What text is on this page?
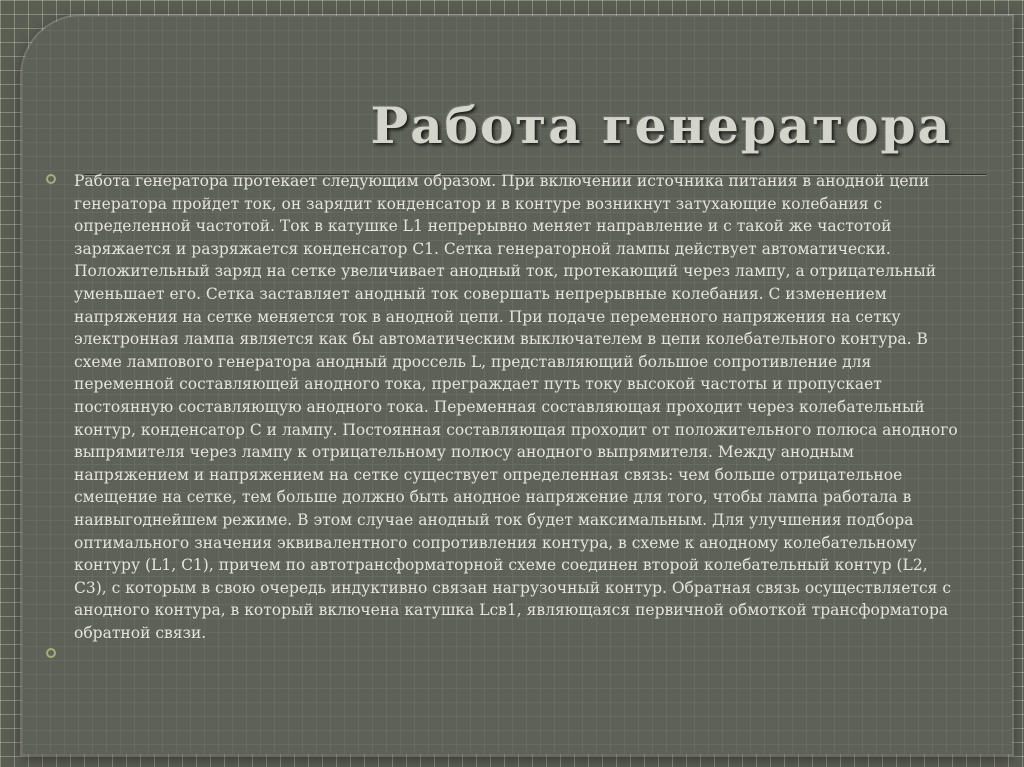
Работа генератора
Работа генератора протекает следующим образом. При включении источника питания в анодной цепи генератора пройдет ток, он зарядит конденсатор и в контуре возникнут затухающие колебания с определенной частотой. Ток в катушке L1 непрерывно меняет направление и с такой же частотой заряжается и разряжается конденсатор C1. Сетка генераторной лампы действует автоматически. Положительный заряд на сетке увеличивает анодный ток, протекающий через лампу, а отрицательный уменьшает его. Сетка заставляет анодный ток совершать непрерывные колебания. С изменением напряжения на сетке меняется ток в анодной цепи. При подаче переменного напряжения на сетку электронная лампа является как бы автоматическим выключателем в цепи колебательного контура. В схеме лампового генератора анодный дроссель L, представляющий большое сопротивление для переменной составляющей анодного тока, преграждает путь току высокой частоты и пропускает постоянную составляющую анодного тока. Переменная составляющая проходит через колебательный контур, конденсатор C и лампу. Постоянная составляющая проходит от положительного полюса анодного выпрямителя через лампу к отрицательному полюсу анодного выпрямителя. Между анодным напряжением и напряжением на сетке существует определенная связь: чем больше отрицательное смещение на сетке, тем больше должно быть анодное напряжение для того, чтобы лампа работала в наивыгоднейшем режиме. В этом случае анодный ток будет максимальным. Для улучшения подбора оптимального значения эквивалентного сопротивления контура, в схеме к анодному колебательному контуру (L1, C1), причем по автотрансформаторной схеме соединен второй колебательный контур (L2, C3), с которым в свою очередь индуктивно связан нагрузочный контур. Обратная связь осуществляется с анодного контура, в который включена катушка Lсв1, являющаяся первичной обмоткой трансформатора обратной связи.
